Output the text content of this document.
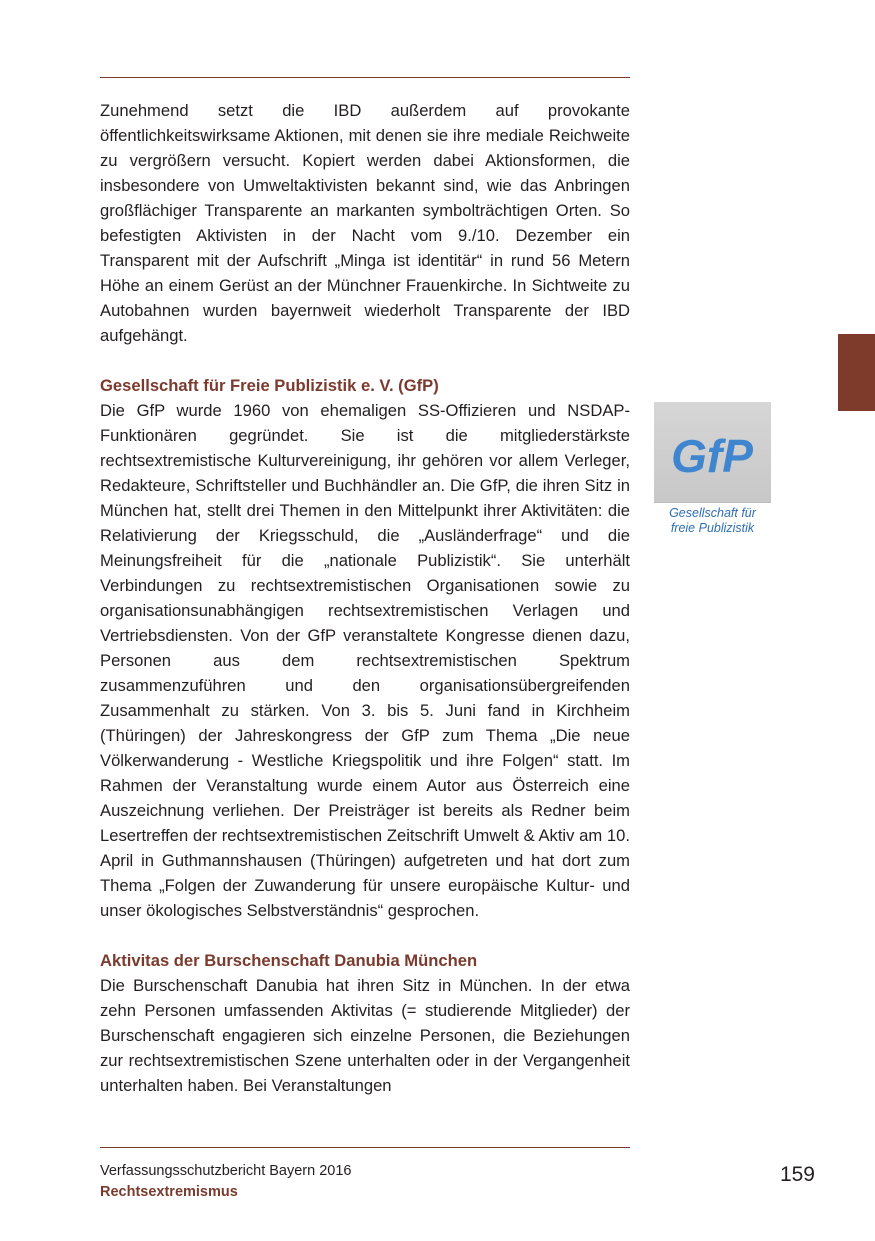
Zunehmend setzt die IBD außerdem auf provokante öffentlichkeitswirksame Aktionen, mit denen sie ihre mediale Reichweite zu vergrößern versucht. Kopiert werden dabei Aktionsformen, die insbesondere von Umweltaktivisten bekannt sind, wie das Anbringen großflächiger Transparente an markanten symbolträchtigen Orten. So befestigten Aktivisten in der Nacht vom 9./10. Dezember ein Transparent mit der Aufschrift „Minga ist identitär“ in rund 56 Metern Höhe an einem Gerüst an der Münchner Frauenkirche. In Sichtweite zu Autobahnen wurden bayernweit wiederholt Transparente der IBD aufgehängt.

Gesellschaft für Freie Publizistik e. V. (GfP)

Die GfP wurde 1960 von ehemaligen SS-Offizieren und NSDAP-Funktionären gegründet. Sie ist die mitgliederstärkste rechtsextremistische Kulturvereinigung, ihr gehören vor allem Verleger, Redakteure, Schriftsteller und Buchhändler an. Die GfP, die ihren Sitz in München hat, stellt drei Themen in den Mittelpunkt ihrer Aktivitäten: die Relativierung der Kriegsschuld, die „Ausländerfrage“ und die Meinungsfreiheit für die „nationale Publizistik“. Sie unterhält Verbindungen zu rechtsextremistischen Organisationen sowie zu organisationsunabhängigen rechtsextremistischen Verlagen und Vertriebsdiensten. Von der GfP veranstaltete Kongresse dienen dazu, Personen aus dem rechtsextremistischen Spektrum zusammenzuführen und den organisationsübergreifenden Zusammenhalt zu stärken. Von 3. bis 5. Juni fand in Kirchheim (Thüringen) der Jahreskongress der GfP zum Thema „Die neue Völkerwanderung - Westliche Kriegspolitik und ihre Folgen“ statt. Im Rahmen der Veranstaltung wurde einem Autor aus Österreich eine Auszeichnung verliehen. Der Preisträger ist bereits als Redner beim Lesertreffen der rechtsextremistischen Zeitschrift Umwelt & Aktiv am 10. April in Guthmannshausen (Thüringen) aufgetreten und hat dort zum Thema „Folgen der Zuwanderung für unsere europäische Kultur- und unser ökologisches Selbstverständnis“ gesprochen.

GfP
Gesellschaft für
freie Publizistik
Aktivitas der Burschenschaft Danubia München

Die Burschenschaft Danubia hat ihren Sitz in München. In der etwa zehn Personen umfassenden Aktivitas (= studierende Mitglieder) der Burschenschaft engagieren sich einzelne Personen, die Beziehungen zur rechtsextremistischen Szene unterhalten oder in der Vergangenheit unterhalten haben. Bei Veranstaltungen

Verfassungsschutzbericht Bayern 2016
Rechtsextremismus
159
